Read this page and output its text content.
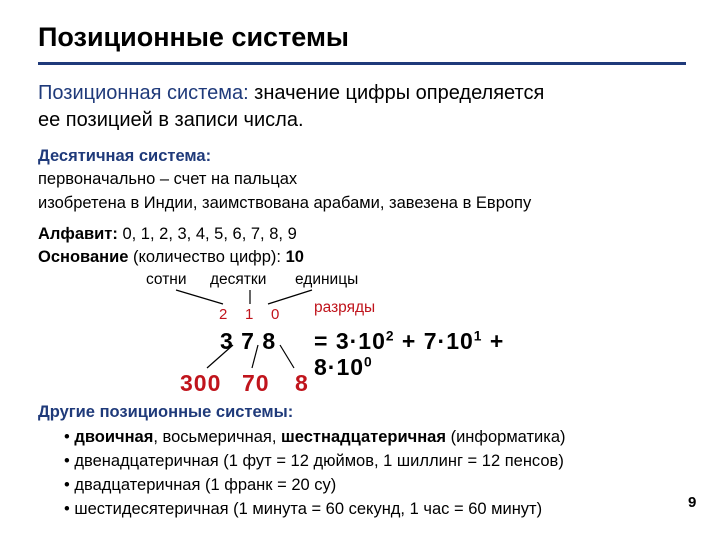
Позиционные системы
Позиционная система: значение цифры определяется
ее позицией в записи числа.
Десятичная система:
первоначально – счет на пальцах
изобретена в Индии, заимствована арабами, завезена в Европу
Алфавит: 0, 1, 2, 3, 4, 5, 6, 7, 8, 9
Основание (количество цифр): 10
сотни десятки единицы
2 1 0 разряды
3 7 $8 = 3\cdot 10^2 + 7\cdot 10^1$ +
$8\cdot 10^0$
300 70 8
Другие позиционные системы:
• двоичная, восьмеричная, шестнадцатеричная (информатика)
• двенадцатеричная (1 фут = 12 дюймов, 1 шиллинг = 12 пенсов)
• двадцатеричная (1 франк = 20 су)
• шестидесятеричная (1 минута = 60 секунд, 1 час = 60 минут)	9
